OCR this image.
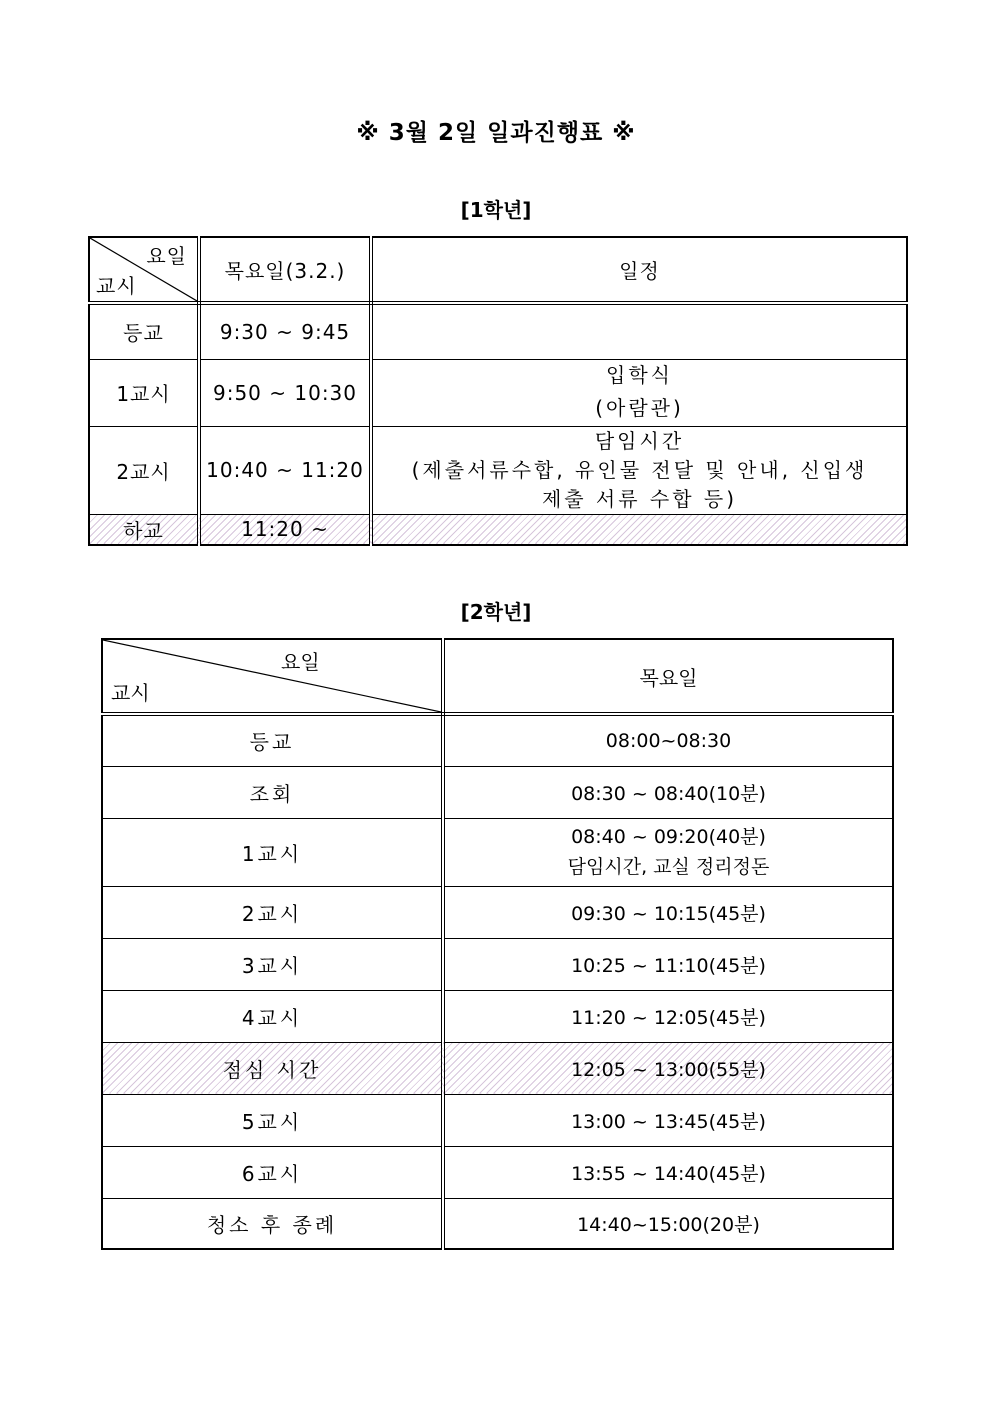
※ 3월 2일 일과진행표 ※
[1학년]
요일
교시	목요일(3.2.)	일정
등교	9:30 ~ 9:45	
1교시	9:50 ~ 10:30	입학식
(아람관)

2교시	10:40 ~ 11:20	담임시간
(제출서류수합, 유인물 전달 및 안내, 신입생
제출 서류 수합 등)

하교	11:20 ~	
[2학년]
요일
교시	목요일
등교	08:00~08:30
조회	08:30 ~ 08:40(10분)
1교시	08:40 ~ 09:20(40분)
담임시간, 교실 정리정돈

2교시	09:30 ~ 10:15(45분)
3교시	10:25 ~ 11:10(45분)
4교시	11:20 ~ 12:05(45분)
점심 시간	12:05 ~ 13:00(55분)
5교시	13:00 ~ 13:45(45분)
6교시	13:55 ~ 14:40(45분)
청소 후 종례	14:40~15:00(20분)
